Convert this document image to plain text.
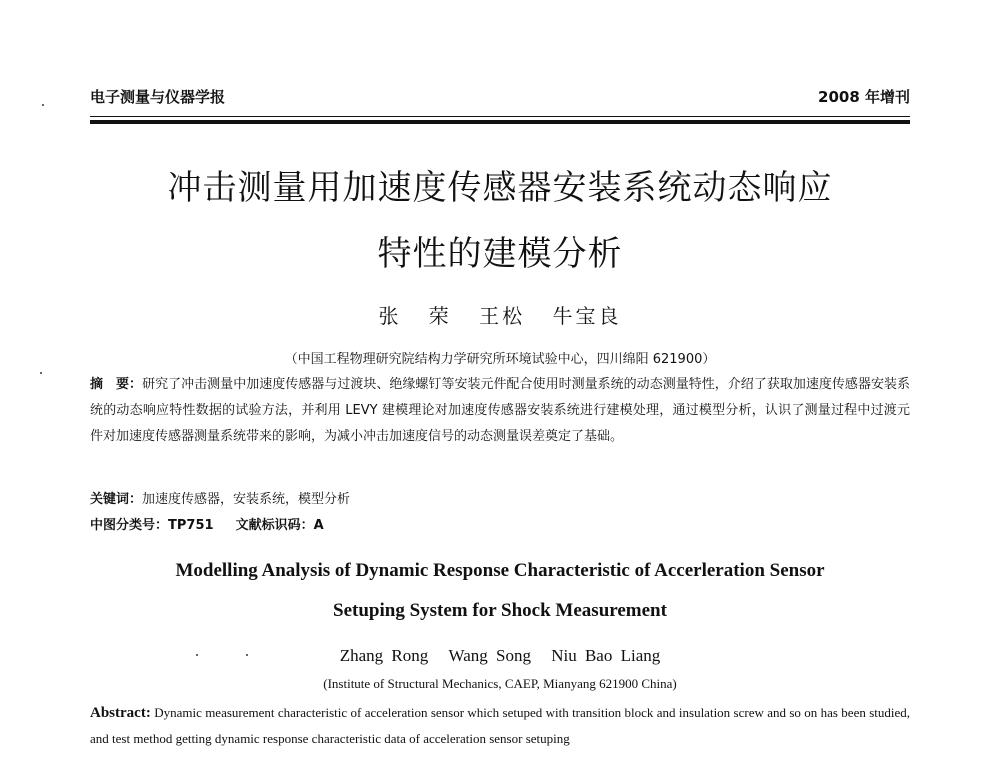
电子测量与仪器学报	2008 年增刊
冲击测量用加速度传感器安装系统动态响应
特性的建模分析
张 荣 王松 牛宝良
（中国工程物理研究院结构力学研究所环境试验中心，四川绵阳 621900）
摘　要：研究了冲击测量中加速度传感器与过渡块、绝缘螺钉等安装元件配合使用时测量系统的动态测量特性，介绍了获取加速度传感器安装系统的动态响应特性数据的试验方法，并利用 LEVY 建模理论对加速度传感器安装系统进行建模处理，通过模型分析，认识了测量过程中过渡元件对加速度传感器测量系统带来的影响，为减小冲击加速度信号的动态测量误差奠定了基础。
关键词：加速度传感器，安装系统，模型分析
中图分类号：TP751 文献标识码：A
Modelling Analysis of Dynamic Response Characteristic of Accerleration Sensor
Setuping System for Shock Measurement
Zhang Rong Wang Song Niu Bao Liang
(Institute of Structural Mechanics, CAEP, Mianyang 621900 China)
Abstract: Dynamic measurement characteristic of acceleration sensor which setuped with transition block and insulation screw and so on has been studied, and test method getting dynamic response characteristic data of acceleration sensor setuping
